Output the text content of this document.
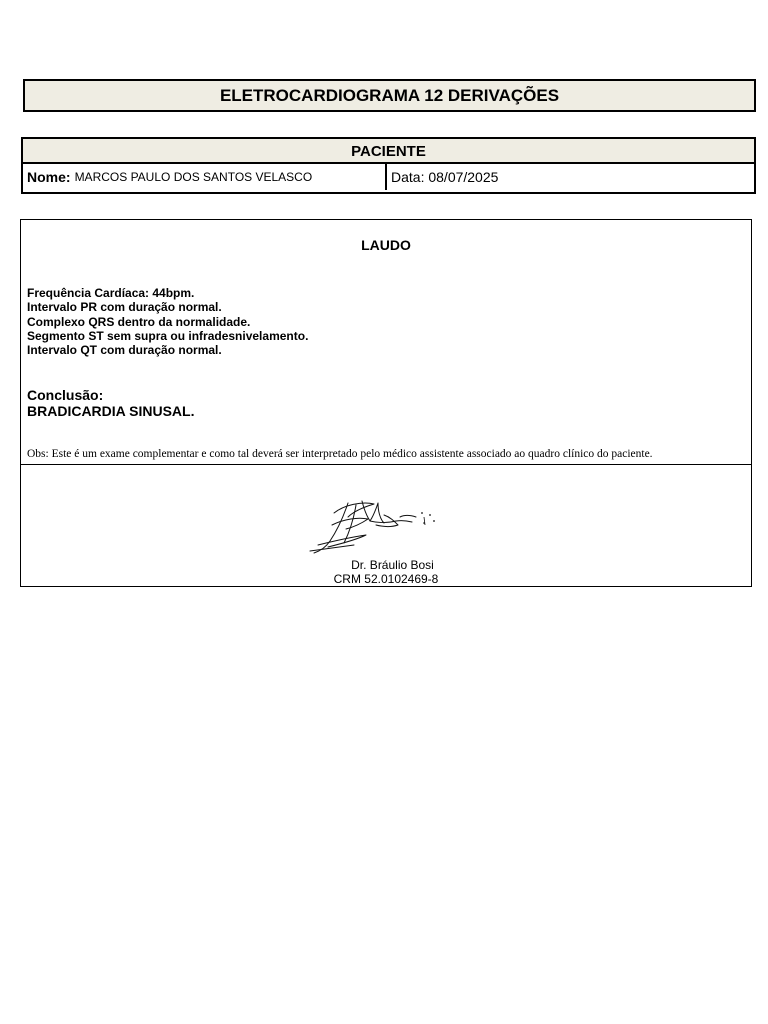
ELETROCARDIOGRAMA 12 DERIVAÇÕES
PACIENTE
Nome: MARCOS PAULO DOS SANTOS VELASCO	Data: 08/07/2025
LAUDO
Frequência Cardíaca: 44bpm.
Intervalo PR com duração normal.
Complexo QRS dentro da normalidade.
Segmento ST sem supra ou infradesnivelamento.
Intervalo QT com duração normal.
Conclusão:
BRADICARDIA SINUSAL.
Obs: Este é um exame complementar e como tal deverá ser interpretado pelo médico assistente associado ao quadro clínico do paciente.
Dr. Bráulio Bosi
CRM 52.0102469-8
